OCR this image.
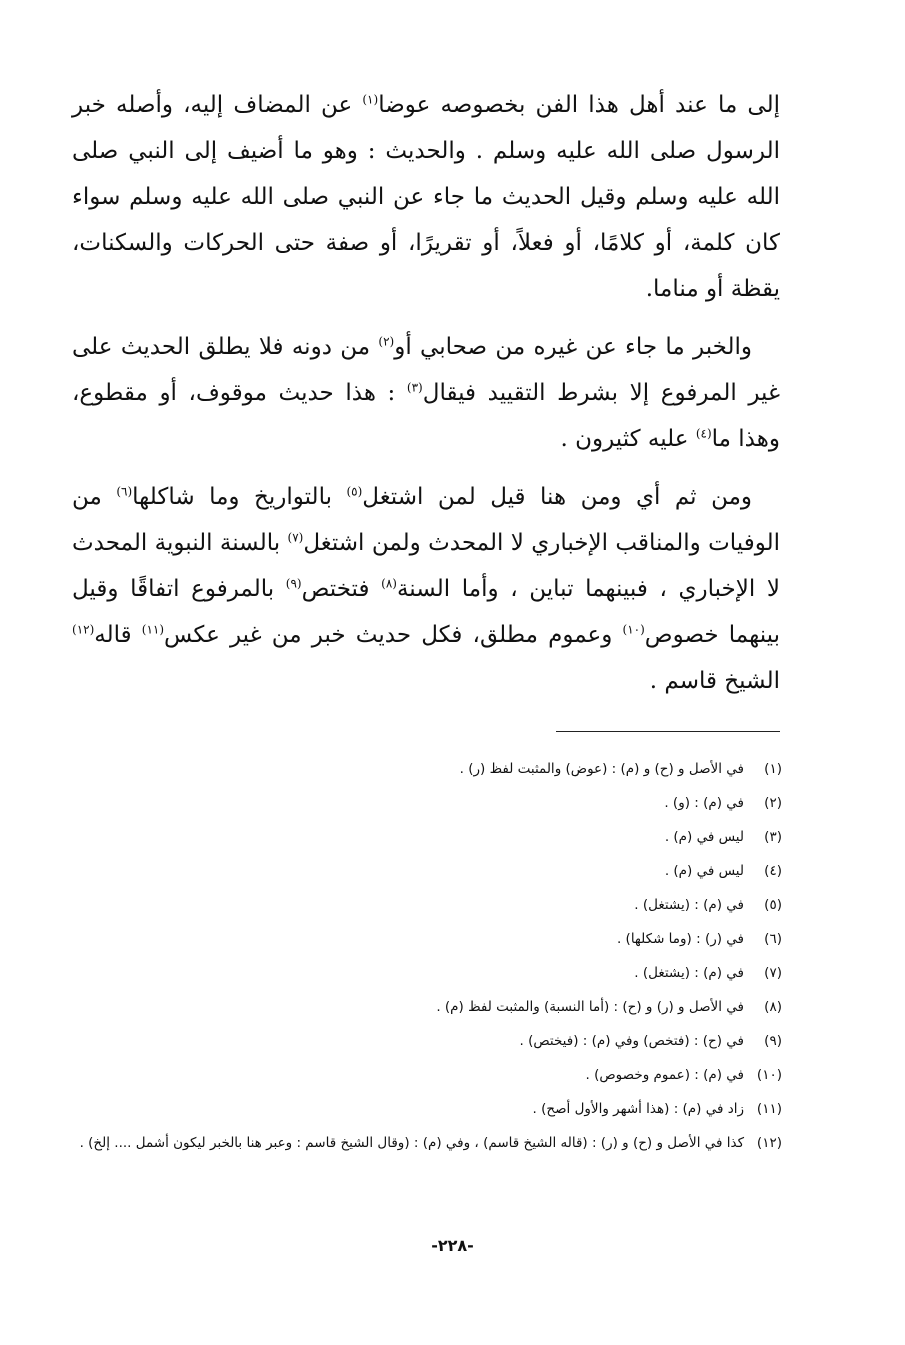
إلى ما عند أهل هذا الفن بخصوصه عوضا$^{(١)}$ عن المضاف إليه، وأصله خبر الرسول صلى الله عليه وسلم . والحديث : وهو ما أضيف إلى النبي صلى الله عليه وسلم وقيل الحديث ما جاء عن النبي صلى الله عليه وسلم سواء كان كلمة، أو كلامًا، أو فعلاً، أو تقريرًا، أو صفة حتى الحركات والسكنات، يقظة أو مناما.

والخبر ما جاء عن غيره من صحابي أو$^{(٢)}$ من دونه فلا يطلق الحديث على غير المرفوع إلا بشرط التقييد فيقال$^{(٣)}$ : هذا حديث موقوف، أو مقطوع، وهذا ما$^{(٤)}$ عليه كثيرون .

ومن ثم أي ومن هنا قيل لمن اشتغل$^{(٥)}$ بالتواريخ وما شاكلها$^{(٦)}$ من الوفيات والمناقب الإخباري لا المحدث ولمن اشتغل$^{(٧)}$ بالسنة النبوية المحدث لا الإخباري ، فبينهما تباين ، وأما السنة$^{(٨)}$ فتختص$^{(٩)}$ بالمرفوع اتفاقًا وقيل بينهما خصوص$^{(١٠)}$ وعموم مطلق، فكل حديث خبر من غير عكس$^{(١١)}$ قاله$^{(١٢)}$ الشيخ قاسم .

(١)
في الأصل و (ح) و (م) : (عوض) والمثبت لفظ (ر) .
(٢)
في (م) : (و) .
(٣)
ليس في (م) .
(٤)
ليس في (م) .
(٥)
في (م) : (يشتغل) .
(٦)
في (ر) : (وما شكلها) .
(٧)
في (م) : (يشتغل) .
(٨)
في الأصل و (ر) و (ح) : (أما النسبة) والمثبت لفظ (م) .
(٩)
في (ح) : (فتخص) وفي (م) : (فيختص) .
(١٠)
في (م) : (عموم وخصوص) .
(١١)
زاد في (م) : (هذا أشهر والأول أصح) .
(١٢)
كذا في الأصل و (ح) و (ر) : (قاله الشيخ قاسم) ، وفي (م) : (وقال الشيخ قاسم : وعبر هنا بالخبر ليكون أشمل .... إلخ) .
-٢٢٨-
